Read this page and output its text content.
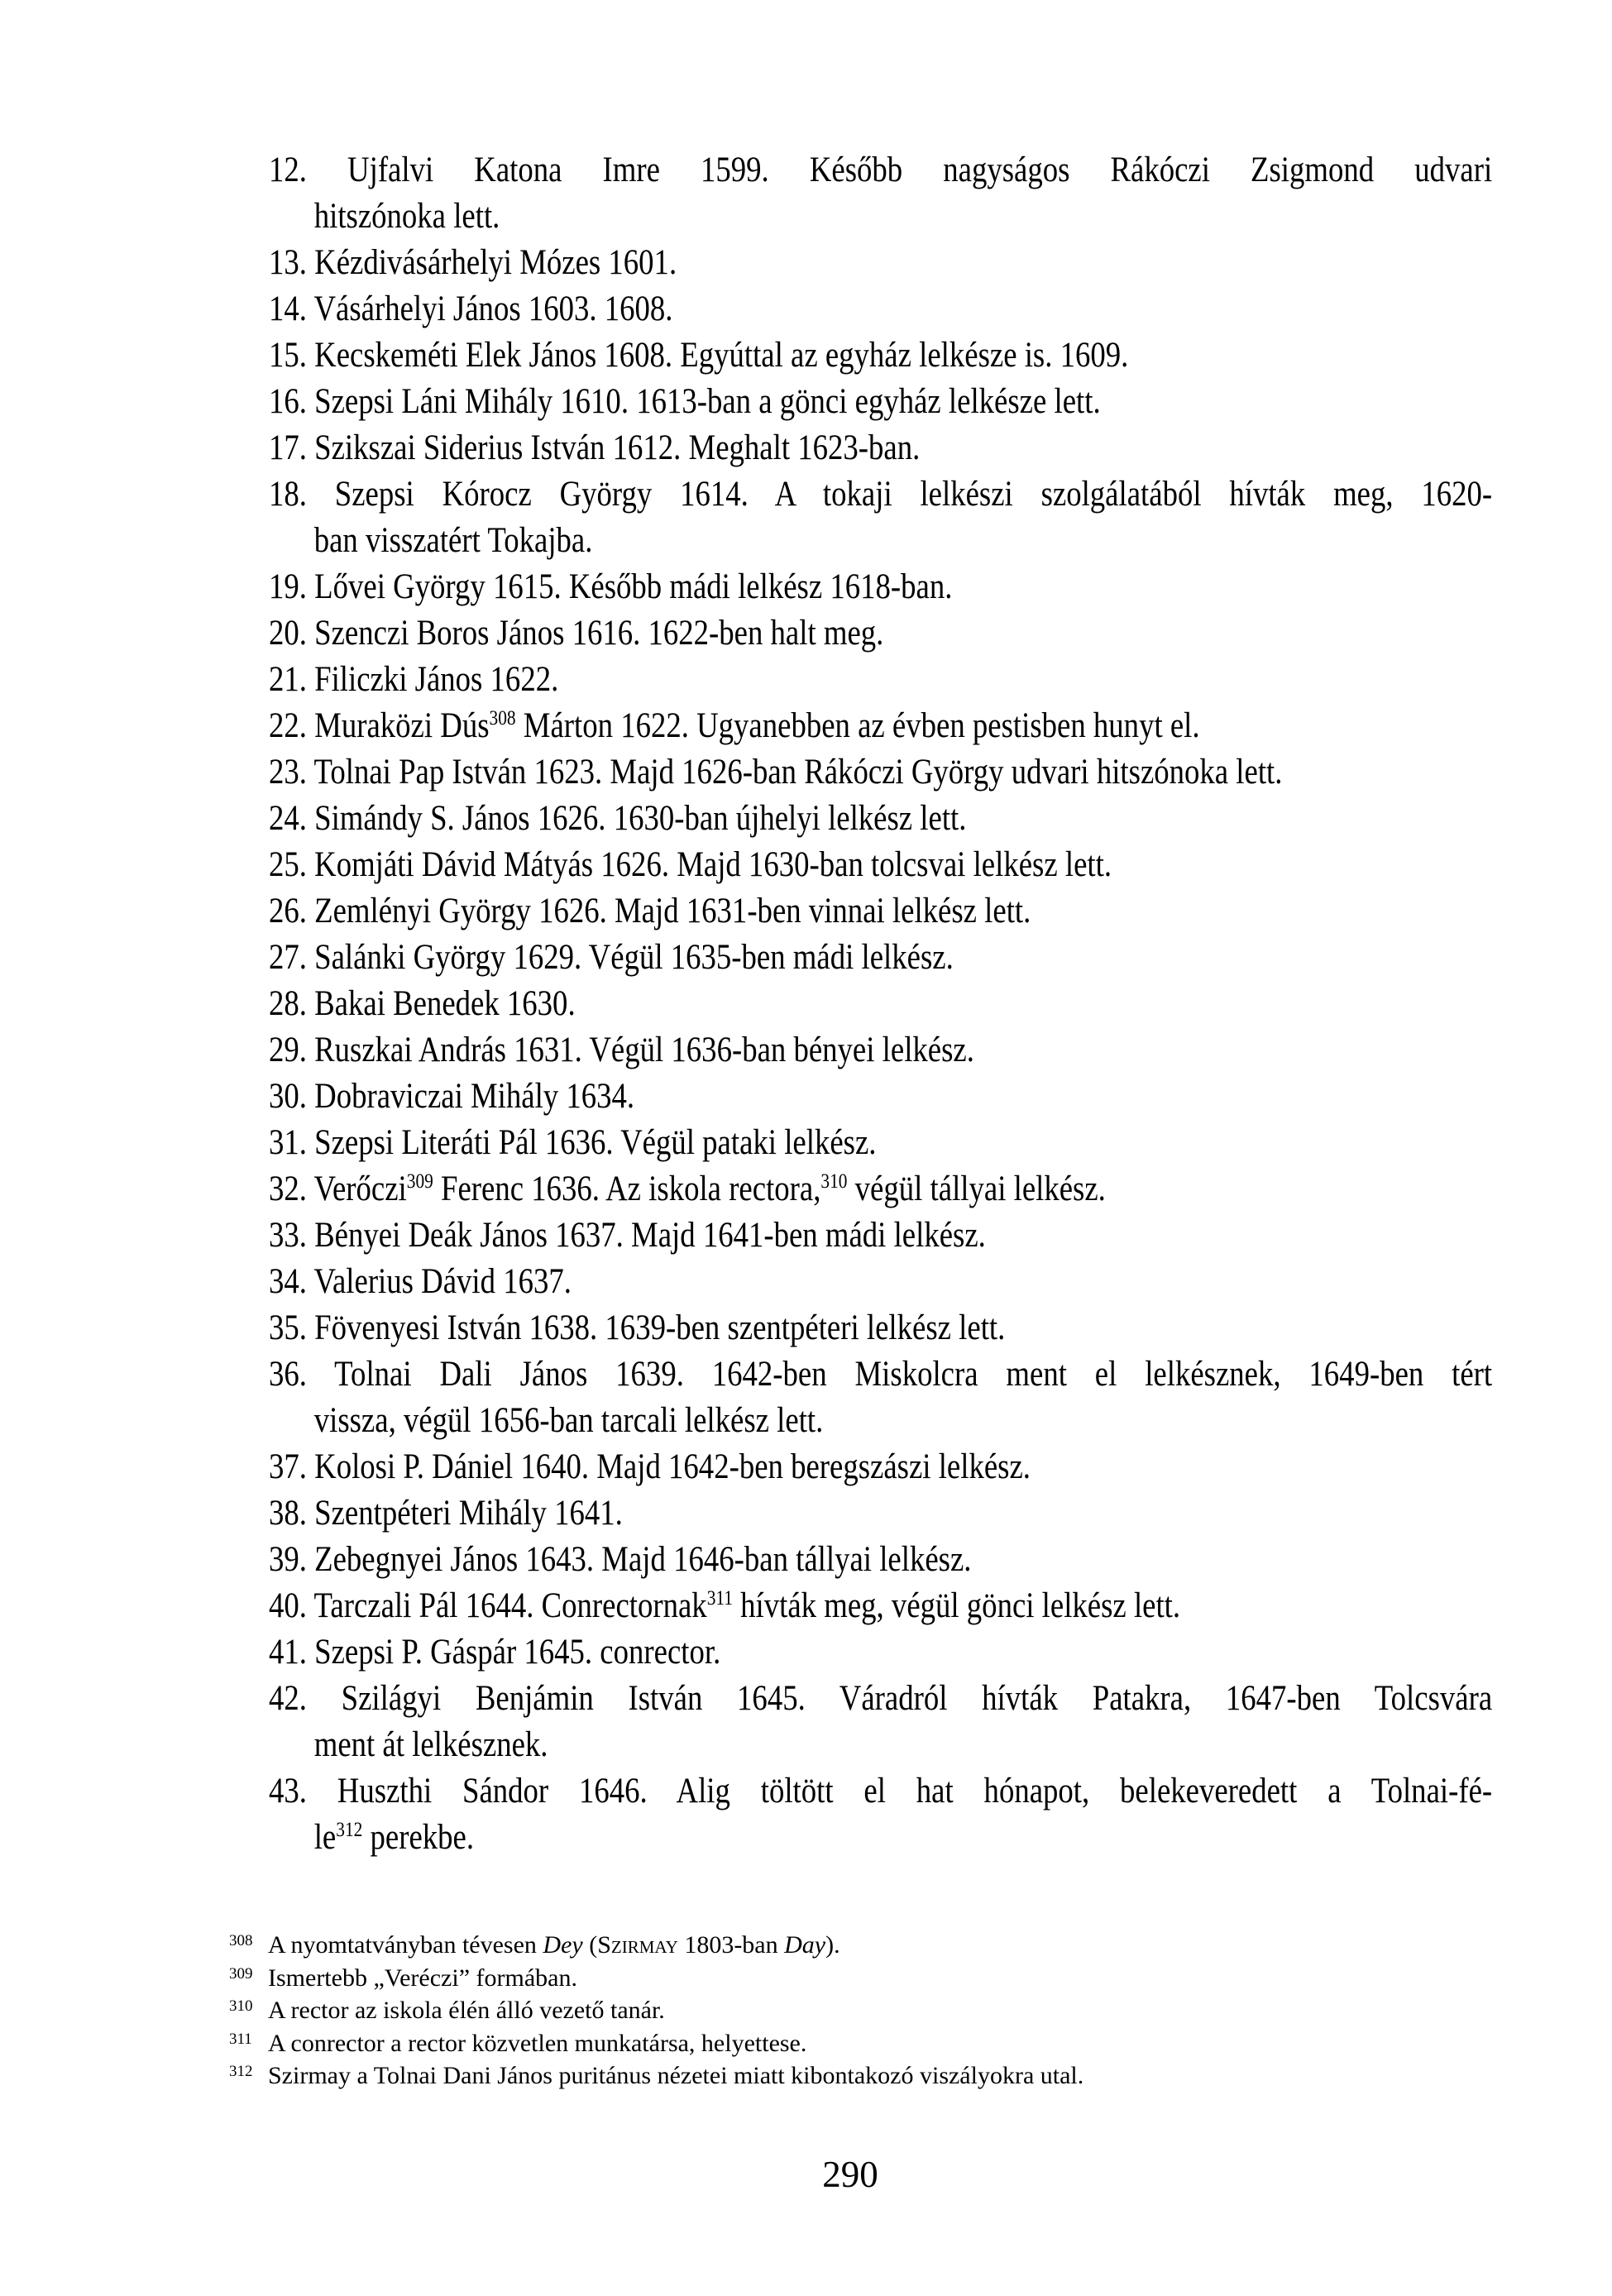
12. Ujfalvi Katona Imre 1599. Később nagyságos Rákóczi Zsigmond udvari
hitszónoka lett.
13. Kézdivásárhelyi Mózes 1601.
14. Vásárhelyi János 1603. 1608.
15. Kecskeméti Elek János 1608. Egyúttal az egyház lelkésze is. 1609.
16. Szepsi Láni Mihály 1610. 1613-ban a gönci egyház lelkésze lett.
17. Szikszai Siderius István 1612. Meghalt 1623-ban.
18. Szepsi Kórocz György 1614. A tokaji lelkészi szolgálatából hívták meg, 1620-
ban visszatért Tokajba.
19. Lővei György 1615. Később mádi lelkész 1618-ban.
20. Szenczi Boros János 1616. 1622-ben halt meg.
21. Filiczki János 1622.
22. Muraközi Dús$^{308}$ Márton 1622. Ugyanebben az évben pestisben hunyt el.
23. Tolnai Pap István 1623. Majd 1626-ban Rákóczi György udvari hitszónoka lett.
24. Simándy S. János 1626. 1630-ban újhelyi lelkész lett.
25. Komjáti Dávid Mátyás 1626. Majd 1630-ban tolcsvai lelkész lett.
26. Zemlényi György 1626. Majd 1631-ben vinnai lelkész lett.
27. Salánki György 1629. Végül 1635-ben mádi lelkész.
28. Bakai Benedek 1630.
29. Ruszkai András 1631. Végül 1636-ban bényei lelkész.
30. Dobraviczai Mihály 1634.
31. Szepsi Literáti Pál 1636. Végül pataki lelkész.
32. Verőczi$^{309}$ Ferenc 1636. Az iskola rectora,$^{310}$ végül tállyai lelkész.
33. Bényei Deák János 1637. Majd 1641-ben mádi lelkész.
34. Valerius Dávid 1637.
35. Fövenyesi István 1638. 1639-ben szentpéteri lelkész lett.
36. Tolnai Dali János 1639. 1642-ben Miskolcra ment el lelkésznek, 1649-ben tért
vissza, végül 1656-ban tarcali lelkész lett.
37. Kolosi P. Dániel 1640. Majd 1642-ben beregszászi lelkész.
38. Szentpéteri Mihály 1641.
39. Zebegnyei János 1643. Majd 1646-ban tállyai lelkész.
40. Tarczali Pál 1644. Conrectornak$^{311}$ hívták meg, végül gönci lelkész lett.
41. Szepsi P. Gáspár 1645. conrector.
42. Szilágyi Benjámin István 1645. Váradról hívták Patakra, 1647-ben Tolcsvára
ment át lelkésznek.
43. Huszthi Sándor 1646. Alig töltött el hat hónapot, belekeveredett a Tolnai-fé-
$le^{312}$ perekbe.
308 A nyomtatványban tévesen Dey (Szirmay 1803-ban Day).
309 Ismertebb „Veréczi” formában.
310 A rector az iskola élén álló vezető tanár.
311 A conrector a rector közvetlen munkatársa, helyettese.
312 Szirmay a Tolnai Dani János puritánus nézetei miatt kibontakozó viszályokra utal.
290
